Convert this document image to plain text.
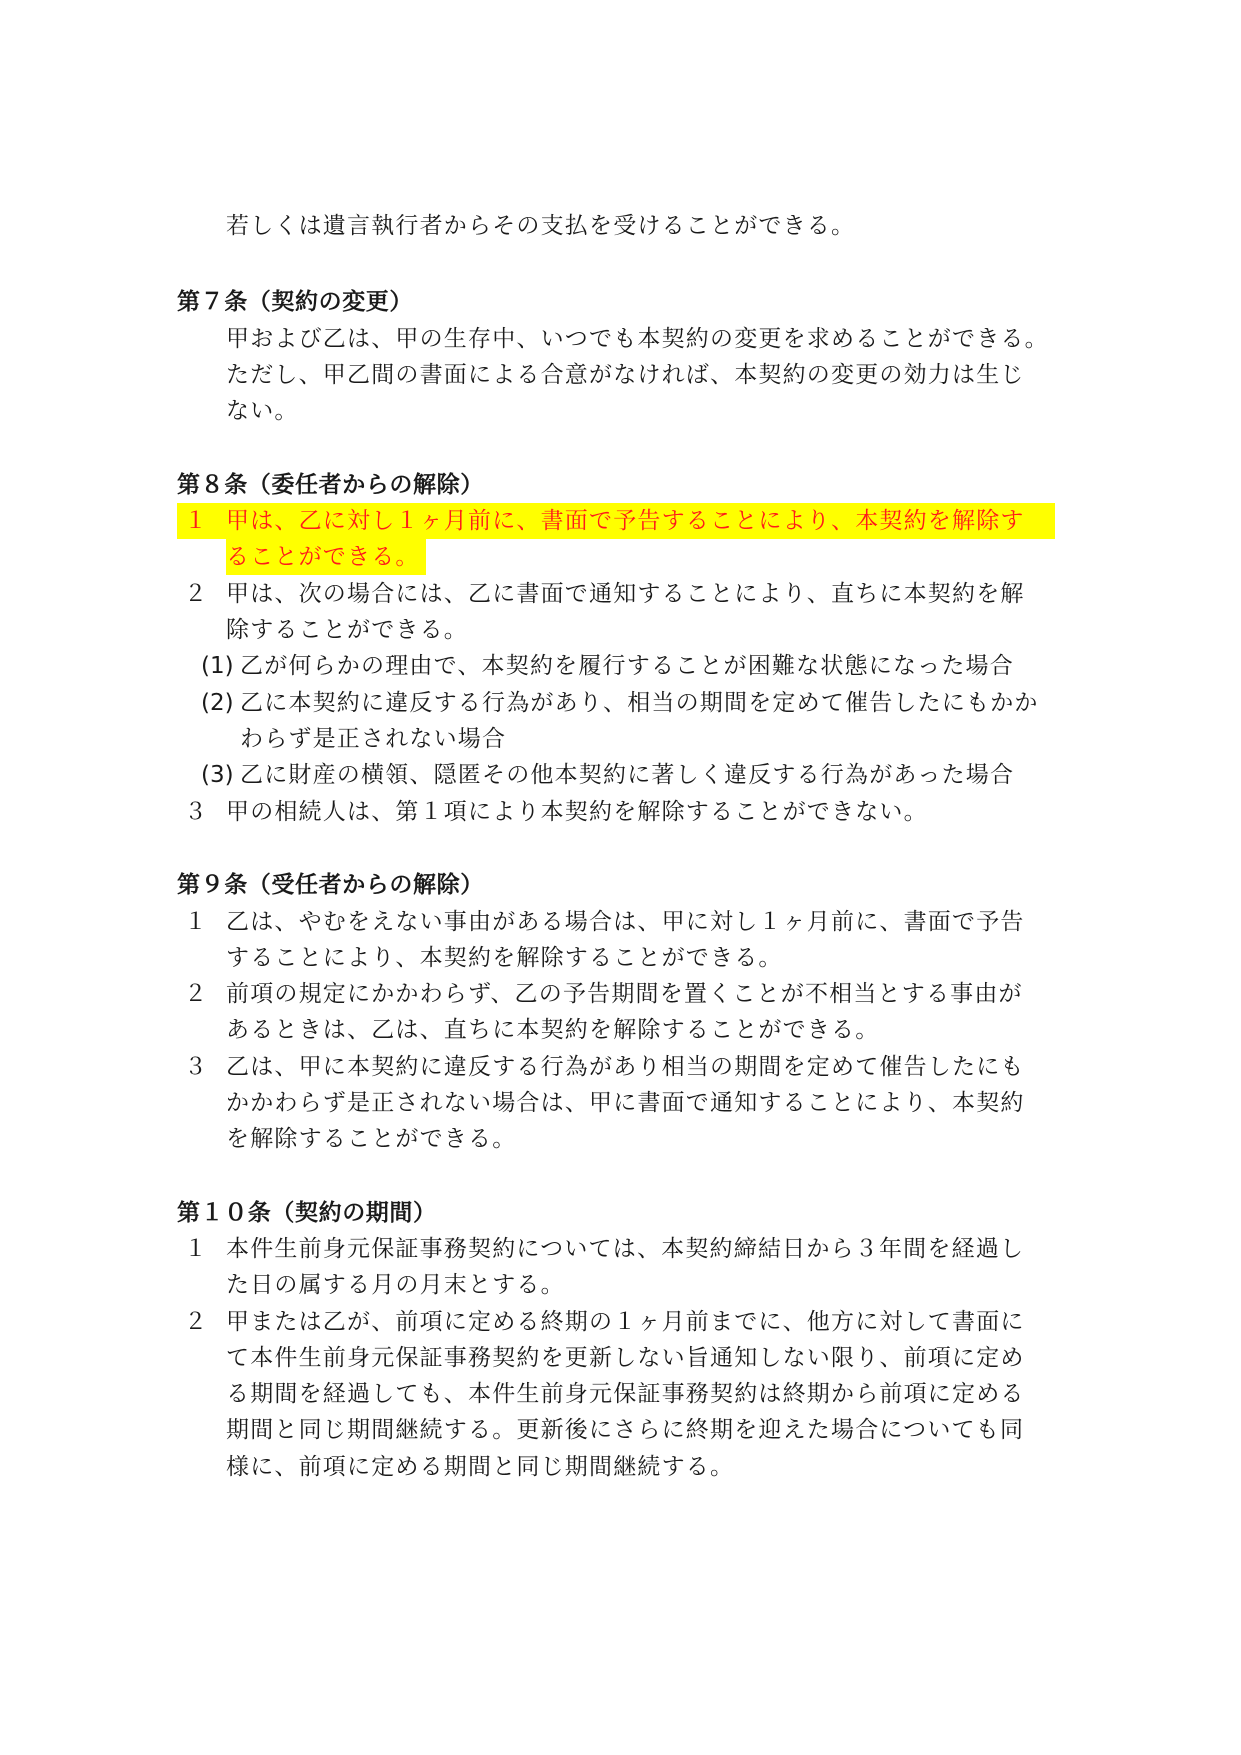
若しくは遺言執行者からその支払を受けることができる。
第７条（契約の変更）
甲および乙は、甲の生存中、いつでも本契約の変更を求めることができる。
ただし、甲乙間の書面による合意がなければ、本契約の変更の効力は生じ
ない。
第８条（委任者からの解除）
１ 甲は、乙に対し１ヶ月前に、書面で予告することにより、本契約を解除す
ることができる。
２ 甲は、次の場合には、乙に書面で通知することにより、直ちに本契約を解
除することができる。
(1) 乙が何らかの理由で、本契約を履行することが困難な状態になった場合
(2) 乙に本契約に違反する行為があり、相当の期間を定めて催告したにもかか
わらず是正されない場合
(3) 乙に財産の横領、隠匿その他本契約に著しく違反する行為があった場合
３ 甲の相続人は、第１項により本契約を解除することができない。
第９条（受任者からの解除）
１ 乙は、やむをえない事由がある場合は、甲に対し１ヶ月前に、書面で予告
することにより、本契約を解除することができる。
２ 前項の規定にかかわらず、乙の予告期間を置くことが不相当とする事由が
あるときは、乙は、直ちに本契約を解除することができる。
３ 乙は、甲に本契約に違反する行為があり相当の期間を定めて催告したにも
かかわらず是正されない場合は、甲に書面で通知することにより、本契約
を解除することができる。
第１０条（契約の期間）
１ 本件生前身元保証事務契約については、本契約締結日から３年間を経過し
た日の属する月の月末とする。
２ 甲または乙が、前項に定める終期の１ヶ月前までに、他方に対して書面に
て本件生前身元保証事務契約を更新しない旨通知しない限り、前項に定め
る期間を経過しても、本件生前身元保証事務契約は終期から前項に定める
期間と同じ期間継続する。更新後にさらに終期を迎えた場合についても同
様に、前項に定める期間と同じ期間継続する。
